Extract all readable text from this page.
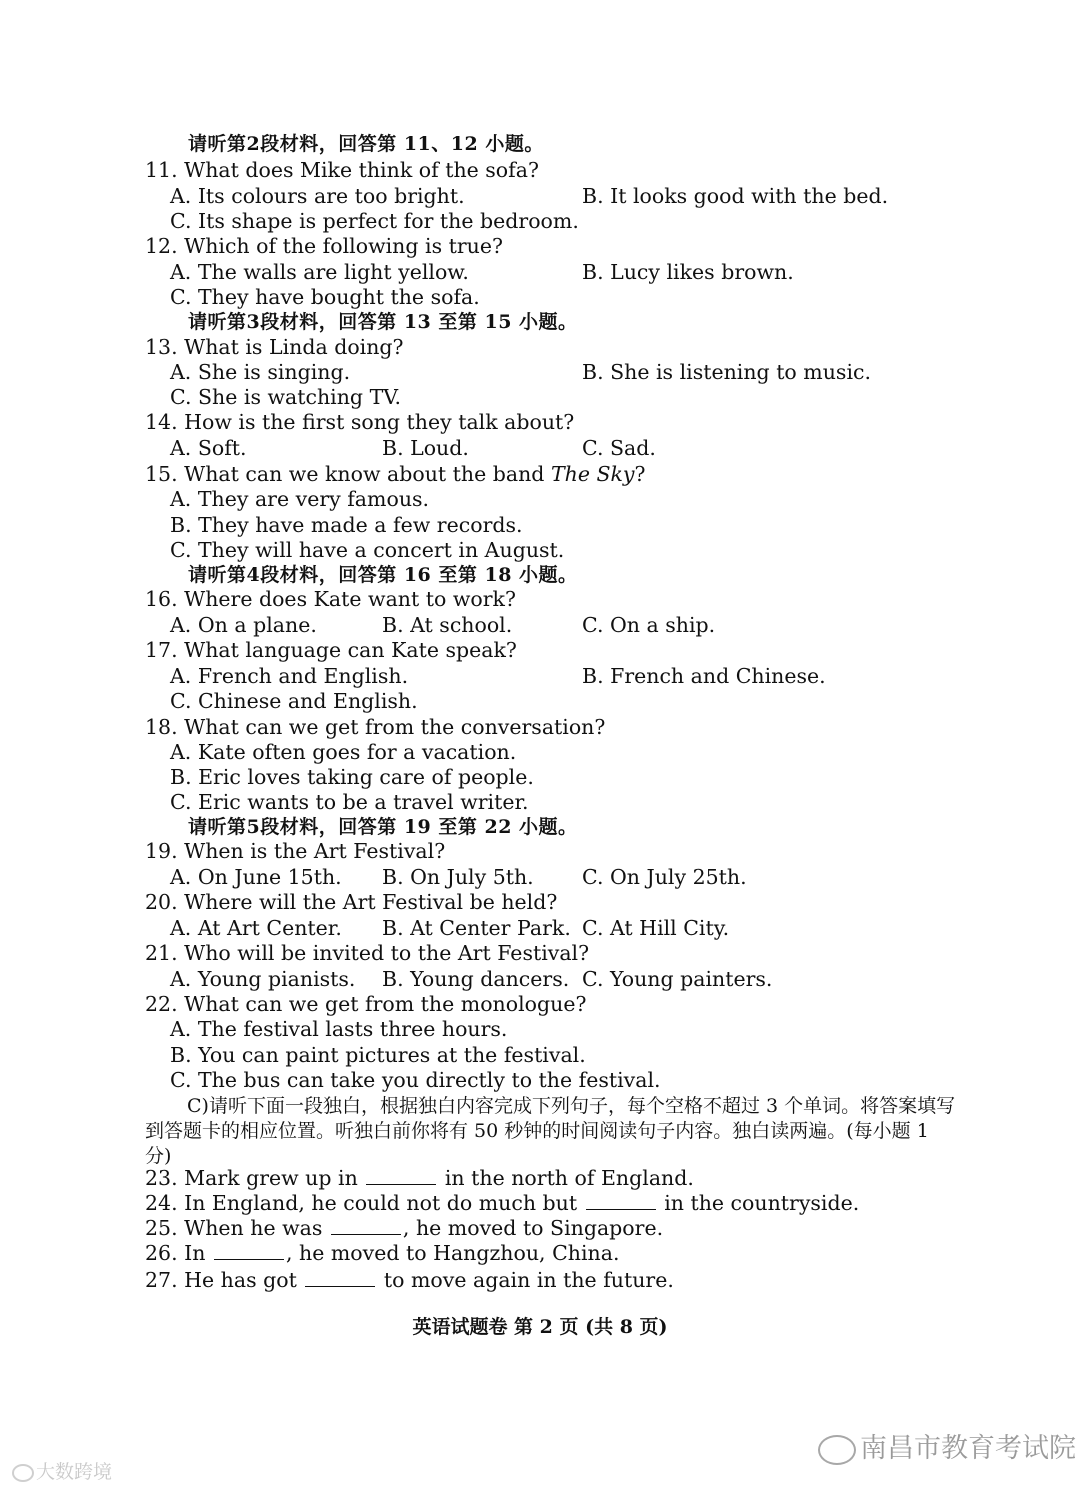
请听第2段材料，回答第 11、12 小题。
11. What does Mike think of the sofa?
A. Its colours are too bright.	B. It looks good with the bed.
C. Its shape is perfect for the bedroom.
12. Which of the following is true?
A. The walls are light yellow.	B. Lucy likes brown.
C. They have bought the sofa.
请听第3段材料，回答第 13 至第 15 小题。
13. What is Linda doing?
A. She is singing.	B. She is listening to music.
C. She is watching TV.
14. How is the first song they talk about?
A. Soft.	B. Loud.	C. Sad.
15. What can we know about the band The Sky?
A. They are very famous.
B. They have made a few records.
C. They will have a concert in August.
请听第4段材料，回答第 16 至第 18 小题。
16. Where does Kate want to work?
A. On a plane.	B. At school.	C. On a ship.
17. What language can Kate speak?
A. French and English.	B. French and Chinese.
C. Chinese and English.
18. What can we get from the conversation?
A. Kate often goes for a vacation.
B. Eric loves taking care of people.
C. Eric wants to be a travel writer.
请听第5段材料，回答第 19 至第 22 小题。
19. When is the Art Festival?
A. On June 15th. B. On July 5th. C. On July 25th.
20. Where will the Art Festival be held?
A. At Art Center. B. At Center Park. C. At Hill City.
21. Who will be invited to the Art Festival?
A. Young pianists. B. Young dancers. C. Young painters.
22. What can we get from the monologue?
A. The festival lasts three hours.
B. You can paint pictures at the festival.
C. The bus can take you directly to the festival.
C)请听下面一段独白，根据独白内容完成下列句子，每个空格不超过 3 个单词。将答案填写到答题卡的相应位置。听独白前你将有 50 秒钟的时间阅读句子内容。独白读两遍。(每小题 1 分)
23. Mark grew up in	in the north of England.
24. In England, he could not do much but	in the countryside.
25. When he was	, he moved to Singapore.
26. In	, he moved to Hangzhou, China.
27. He has got	to move again in the future.
英语试题卷 第 2 页 (共 8 页)
南昌市教育考试院
大数跨境
